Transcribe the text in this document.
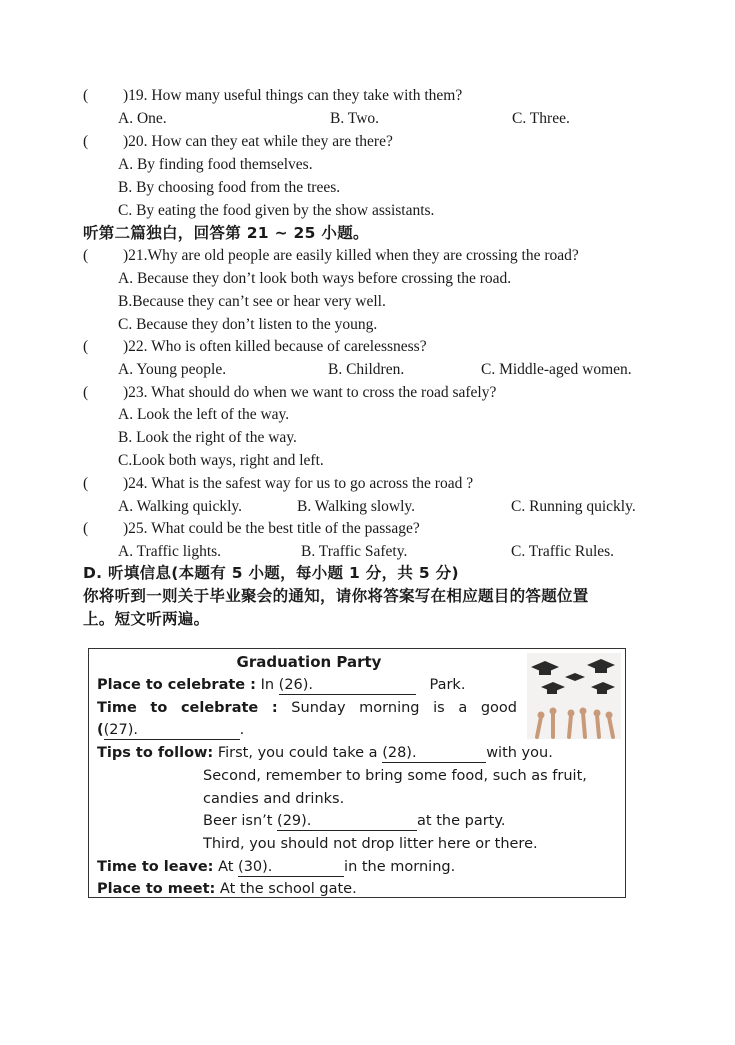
( )19. How many useful things can they take with them?
A. One.	B. Two.	C. Three.
( )20. How can they eat while they are there?
A. By finding food themselves.
B. By choosing food from the trees.
C. By eating the food given by the show assistants.
听第二篇独白，回答第 21 ~ 25 小题。
( )21.Why are old people are easily killed when they are crossing the road?
A. Because they don’t look both ways before crossing the road.
B.Because they can’t see or hear very well.
C. Because they don’t listen to the young.
( )22. Who is often killed because of carelessness?
A. Young people.	B. Children.	C. Middle-aged women.
( )23. What should do when we want to cross the road safely?
A. Look the left of the way.
B. Look the right of the way.
C.Look both ways, right and left.
( )24. What is the safest way for us to go across the road ?
A. Walking quickly.	B. Walking slowly.	C. Running quickly.
( )25. What could be the best title of the passage?
A. Traffic lights.	B. Traffic Safety.	C. Traffic Rules.
D. 听填信息(本题有 5 小题，每小题 1 分，共 5 分)
你将听到一则关于毕业聚会的通知，请你将答案写在相应题目的答题位置
上。短文听两遍。
Graduation Party
Place to celebrate : In (26).	Park.
Time to celebrate : Sunday morning is a good
((27).	.
Tips to follow: First, you could take a (28).	with you.
Second, remember to bring some food, such as fruit,
candies and drinks.
Beer isn’t (29).	at the party.
Third, you should not drop litter here or there.
Time to leave: At (30).	in the morning.
Place to meet: At the school gate.
